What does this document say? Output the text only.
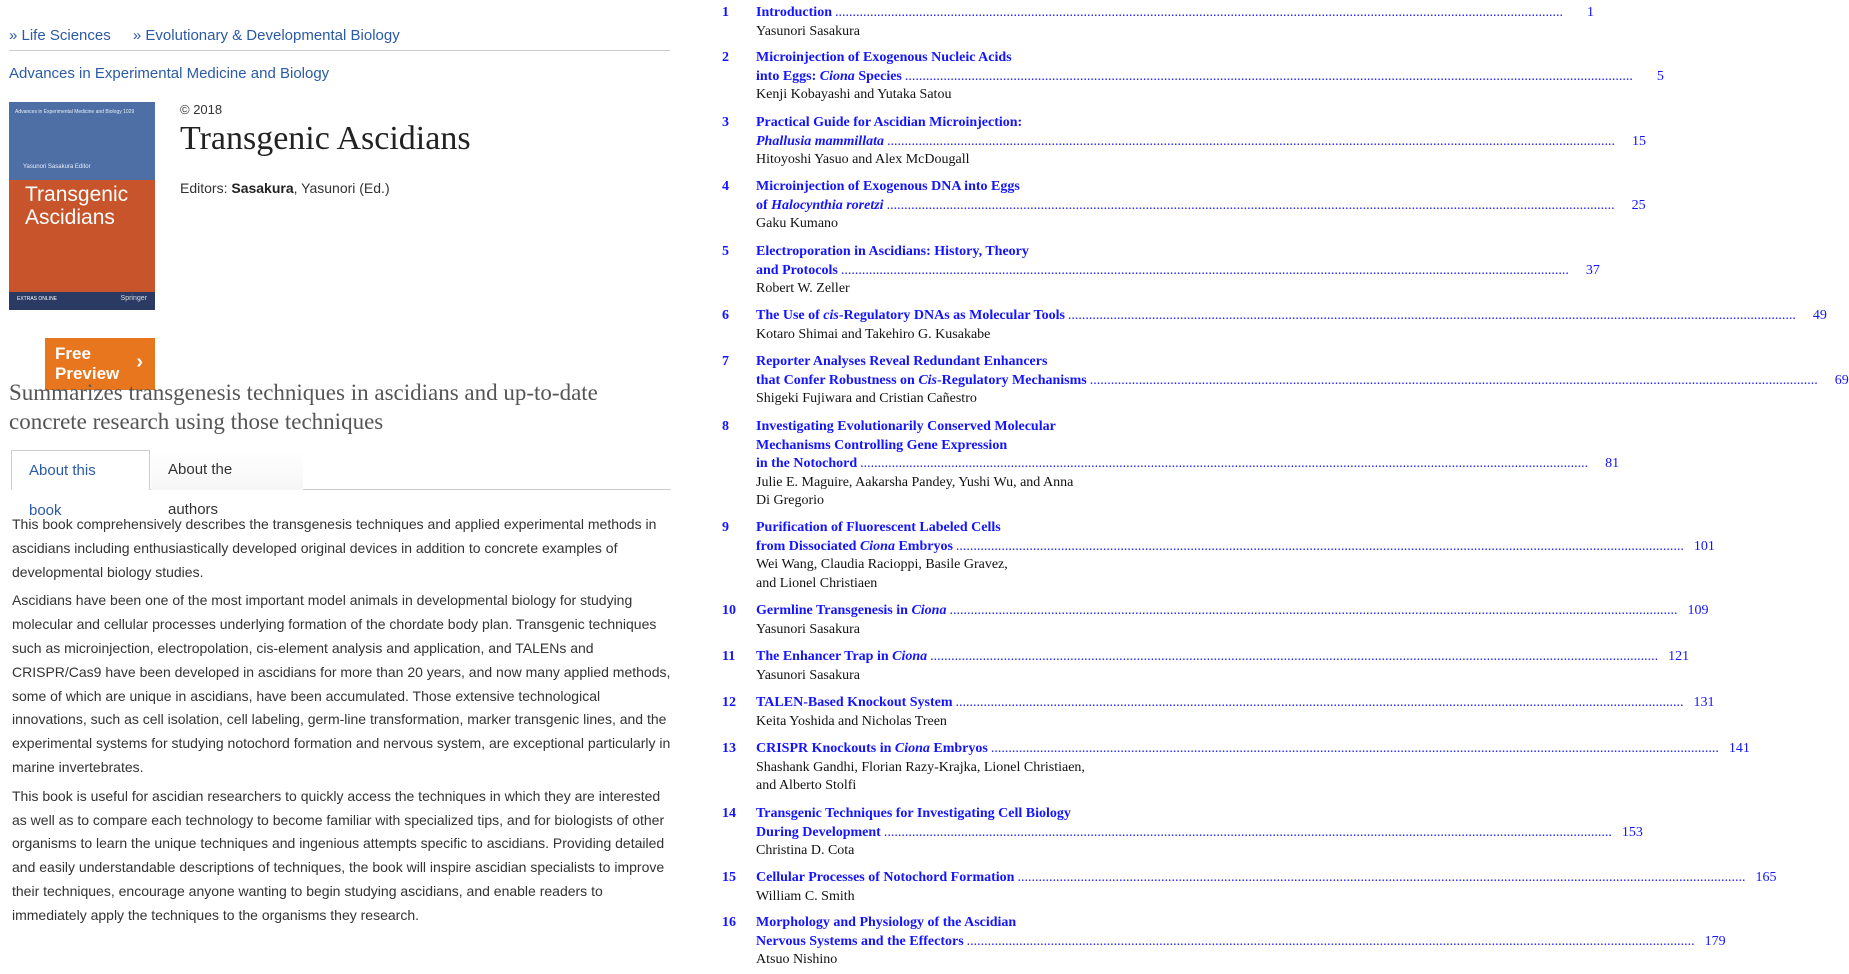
» Life Sciences » Evolutionary & Developmental Biology
Advances in Experimental Medicine and Biology
Advances in Experimental Medicine and Biology 1029
Yasunori Sasakura Editor
Transgenic
Ascidians
Free
Preview
›
EXTRAS ONLINE	Springer
© 2018
Transgenic Ascidians
Editors: Sasakura, Yasunori (Ed.)
Summarizes transgenesis techniques in ascidians and up-to-date concrete research using those techniques
About this book
About the authors

This book comprehensively describes the transgenesis techniques and applied experimental methods in ascidians including enthusiastically developed original devices in addition to concrete examples of developmental biology studies.

Ascidians have been one of the most important model animals in developmental biology for studying molecular and cellular processes underlying formation of the chordate body plan. Transgenic techniques such as microinjection, electropolation, cis-element analysis and application, and TALENs and CRISPR/Cas9 have been developed in ascidians for more than 20 years, and now many applied methods, some of which are unique in ascidians, have been accumulated. Those extensive technological innovations, such as cell isolation, cell labeling, germ-line transformation, marker transgenic lines, and the experimental systems for studying notochord formation and nervous system, are exceptional particularly in marine invertebrates.

This book is useful for ascidian researchers to quickly access the techniques in which they are interested as well as to compare each technology to become familiar with specialized tips, and for biologists of other organisms to learn the unique techniques and ingenious attempts specific to ascidians. Providing detailed and easily understandable descriptions of techniques, the book will inspire ascidian specialists to improve their techniques, encourage anyone wanting to begin studying ascidians, and enable readers to immediately apply the techniques to the organisms they research.

1	Introduction .....	1
Yasunori Sasakura
2	Microinjection of Exogenous Nucleic Acids
into Eggs: Ciona Species .....	5
Kenji Kobayashi and Yutaka Satou
3	Practical Guide for Ascidian Microinjection:
Phallusia mammillata .....	15
Hitoyoshi Yasuo and Alex McDougall
4	Microinjection of Exogenous DNA into Eggs
of Halocynthia roretzi .....	25
Gaku Kumano
5	Electroporation in Ascidians: History, Theory
and Protocols .....	37
Robert W. Zeller
6	The Use of cis-Regulatory DNAs as Molecular Tools .....	49
Kotaro Shimai and Takehiro G. Kusakabe
7	Reporter Analyses Reveal Redundant Enhancers
that Confer Robustness on Cis-Regulatory Mechanisms .....	69
Shigeki Fujiwara and Cristian Cañestro
8	Investigating Evolutionarily Conserved Molecular
Mechanisms Controlling Gene Expression
in the Notochord .....	81
Julie E. Maguire, Aakarsha Pandey, Yushi Wu, and Anna
Di Gregorio
9	Purification of Fluorescent Labeled Cells
from Dissociated Ciona Embryos .....	101
Wei Wang, Claudia Racioppi, Basile Gravez,
and Lionel Christiaen
10	Germline Transgenesis in Ciona .....	109
Yasunori Sasakura
11	The Enhancer Trap in Ciona .....	121
Yasunori Sasakura
12	TALEN-Based Knockout System .....	131
Keita Yoshida and Nicholas Treen
13	CRISPR Knockouts in Ciona Embryos .....	141
Shashank Gandhi, Florian Razy-Krajka, Lionel Christiaen,
and Alberto Stolfi
14	Transgenic Techniques for Investigating Cell Biology
During Development .....	153
Christina D. Cota
15	Cellular Processes of Notochord Formation .....	165
William C. Smith
16	Morphology and Physiology of the Ascidian
Nervous Systems and the Effectors .....	179
Atsuo Nishino
